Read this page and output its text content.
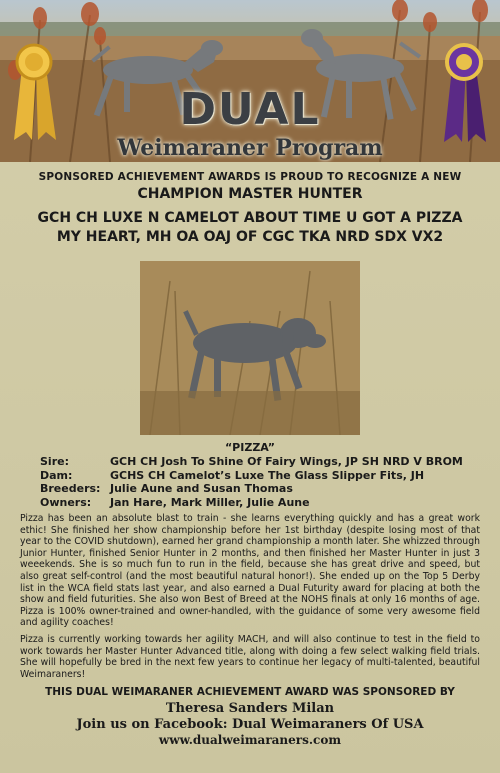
DUAL
Weimaraner Program
SPONSORED ACHIEVEMENT AWARDS IS PROUD TO RECOGNIZE A NEW
CHAMPION MASTER HUNTER
GCH CH LUXE N CAMELOT ABOUT TIME U GOT A PIZZA
MY HEART, MH OA OAJ OF CGC TKA NRD SDX VX2
“PIZZA”
Sire:	GCH CH Josh To Shine Of Fairy Wings, JP SH NRD V BROM
Dam:	GCHS CH Camelot’s Luxe The Glass Slipper Fits, JH
Breeders: Julie Aune and Susan Thomas
Owners:	Jan Hare, Mark Miller, Julie Aune
Pizza has been an absolute blast to train - she learns everything quickly and has a great work ethic! She finished her show championship before her 1st birthday (despite losing most of that year to the COVID shutdown), earned her grand championship a month later. She whizzed through Junior Hunter, finished Senior Hunter in 2 months, and then finished her Master Hunter in just 3 weeekends. She is so much fun to run in the field, because she has great drive and speed, but also great self-control (and the most beautiful natural honor!). She ended up on the Top 5 Derby list in the WCA field stats last year, and also earned a Dual Futurity award for placing at both the show and field futurities. She also won Best of Breed at the NOHS finals at only 16 months of age. Pizza is 100% owner-trained and owner-handled, with the guidance of some very awesome field and agility coaches!
Pizza is currently working towards her agility MACH, and will also continue to test in the field to work towards her Master Hunter Advanced title, along with doing a few select walking field trials. She will hopefully be bred in the next few years to continue her legacy of multi-talented, beautiful Weimaraners!
THIS DUAL WEIMARANER ACHIEVEMENT AWARD WAS SPONSORED BY
Theresa Sanders Milan
Join us on Facebook: Dual Weimaraners Of USA
www.dualweimaraners.com
